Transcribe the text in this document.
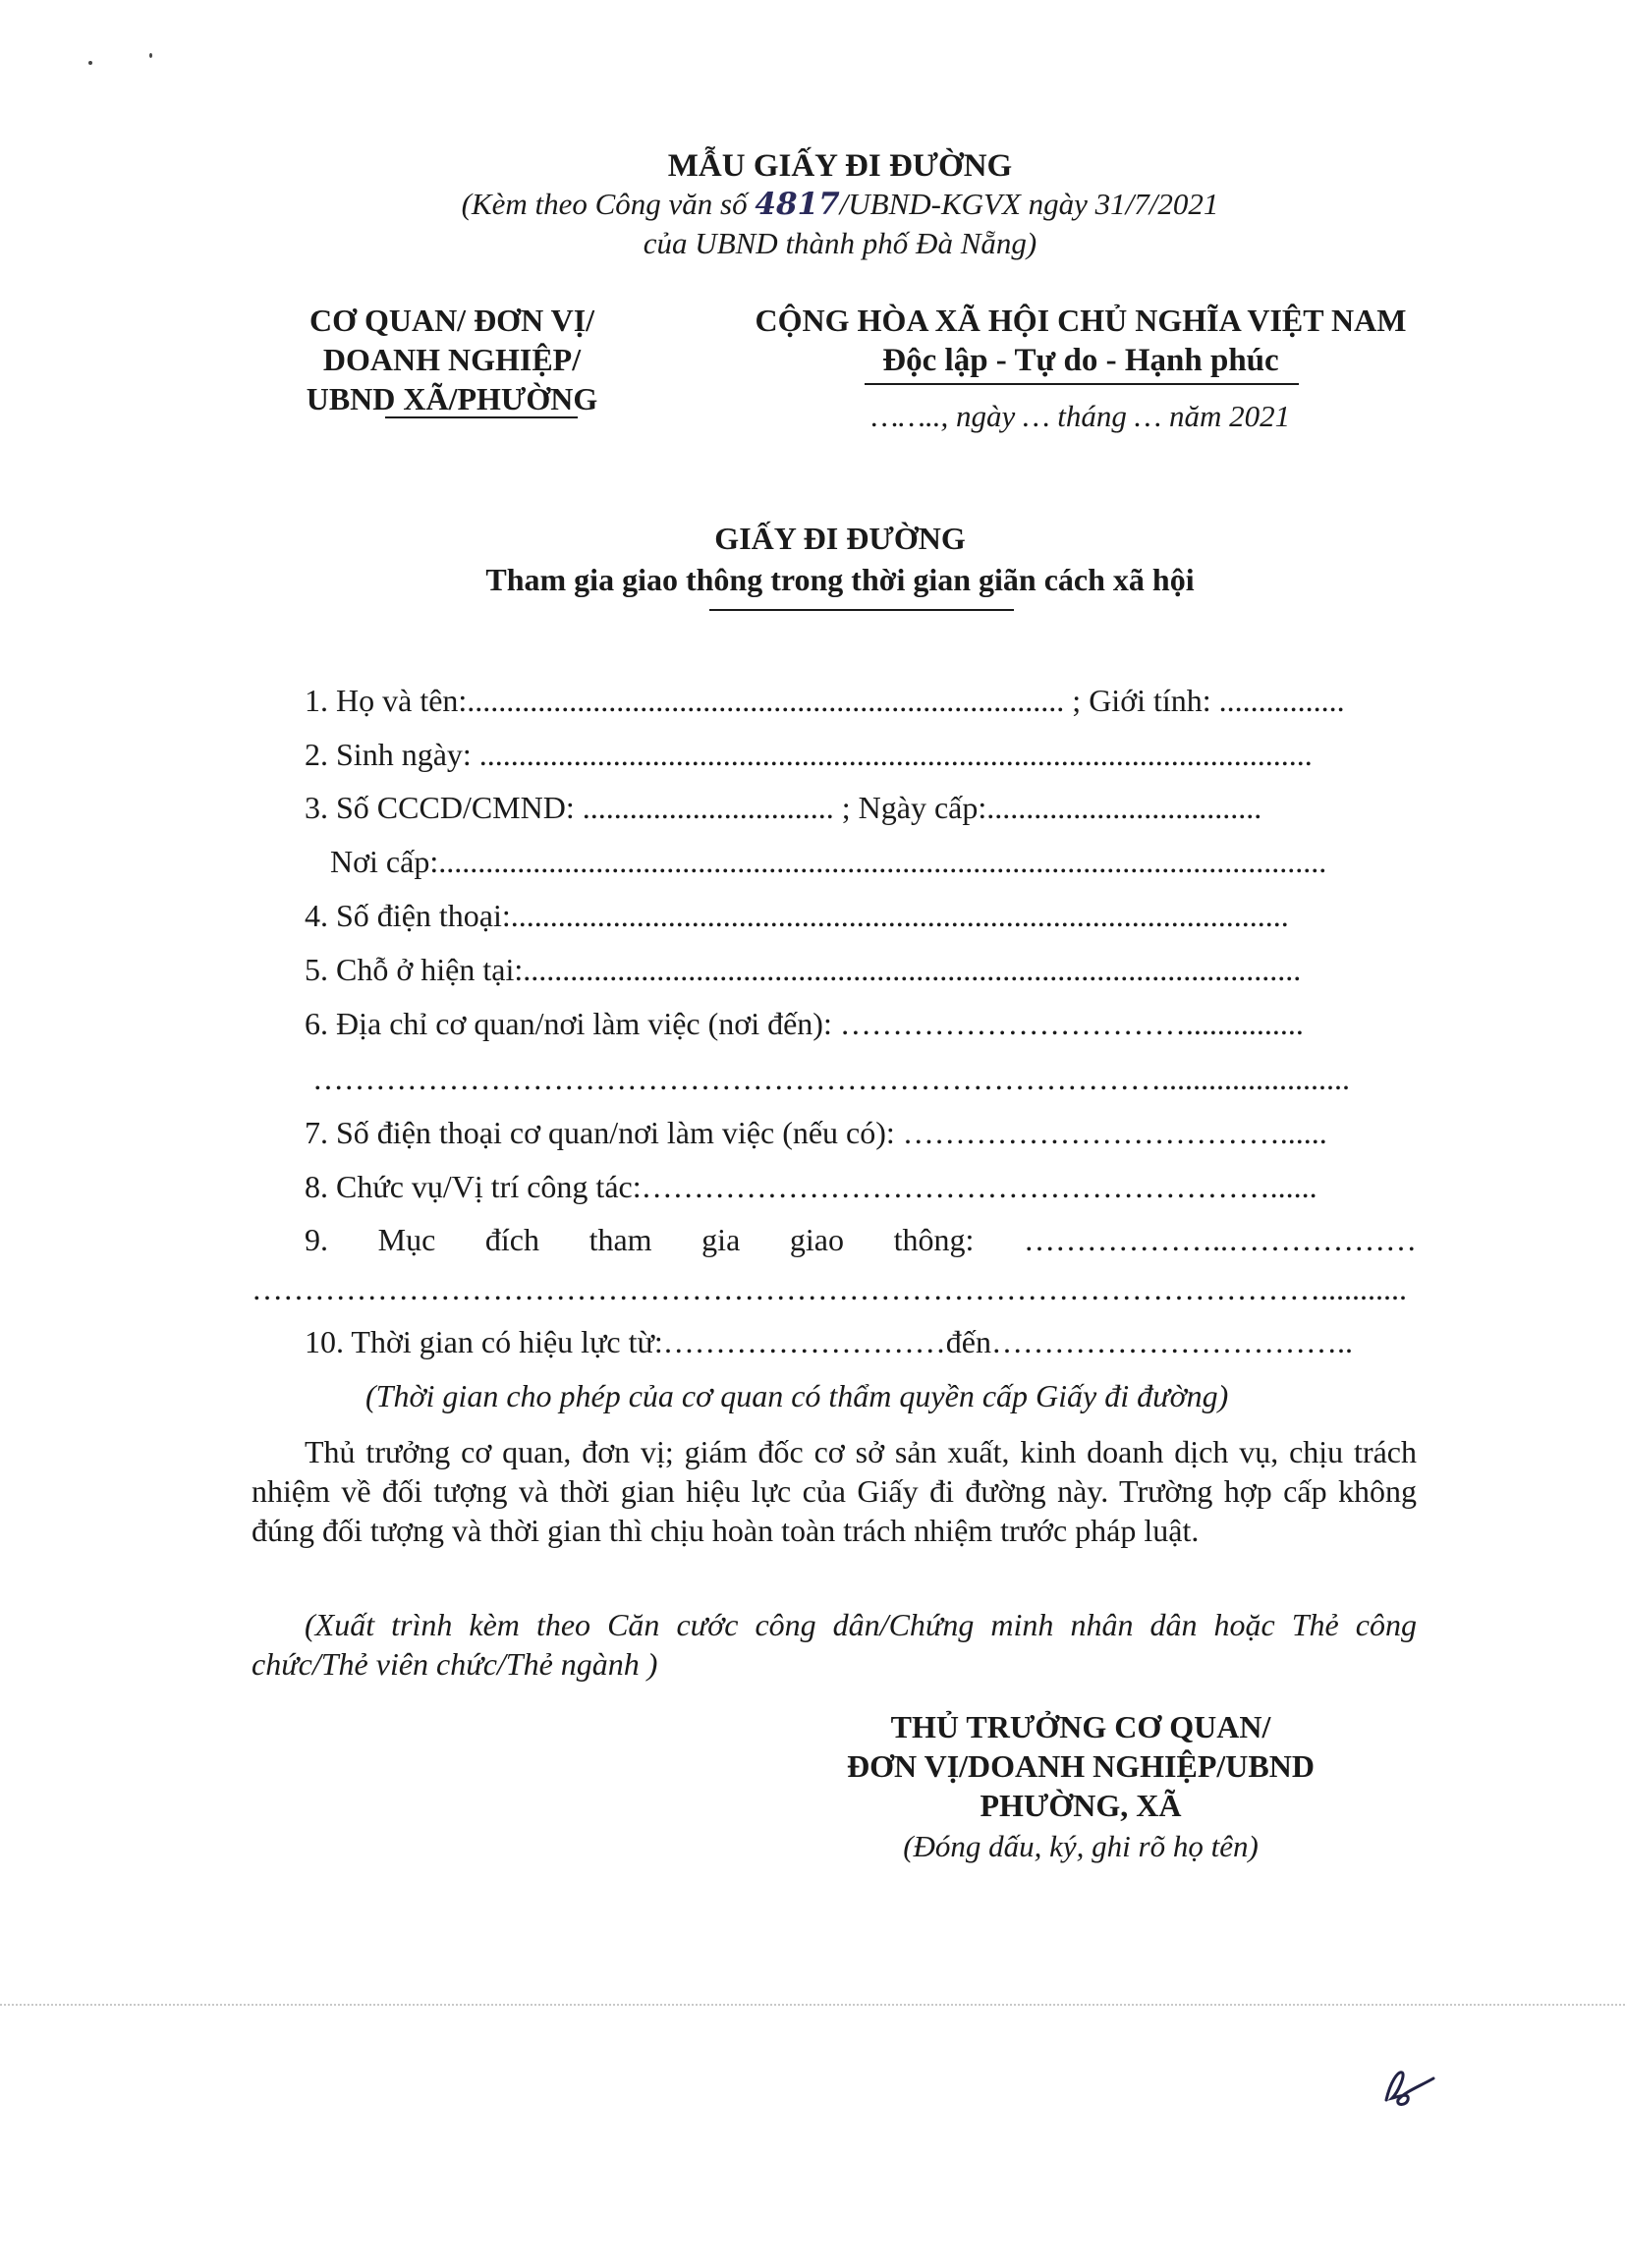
MẪU GIẤY ĐI ĐƯỜNG
(Kèm theo Công văn số 4817/UBND-KGVX ngày 31/7/2021
của UBND thành phố Đà Nẵng)
CƠ QUAN/ ĐƠN VỊ/
DOANH NGHIỆP/
UBND XÃ/PHƯỜNG
CỘNG HÒA XÃ HỘI CHỦ NGHĨA VIỆT NAM
Độc lập - Tự do - Hạnh phúc
…….., ngày … tháng … năm 2021
GIẤY ĐI ĐƯỜNG
Tham gia giao thông trong thời gian giãn cách xã hội
1. Họ và tên:............................................................................ ; Giới tính: ................
2. Sinh ngày: ..........................................................................................................
3. Số CCCD/CMND: ................................ ; Ngày cấp:...................................
Nơi cấp:.................................................................................................................
4. Số điện thoại:...................................................................................................
5. Chỗ ở hiện tại:...................................................................................................
6. Địa chỉ cơ quan/nơi làm việc (nơi đến): ……………………………...............
………………………………………………………………………........................
7. Số điện thoại cơ quan/nơi làm việc (nếu có): ………………………………......
8. Chức vụ/Vị trí công tác:……………………………………………………......
9. Mục đích tham gia giao thông: ………………..………………
…………………………………………………………………………………………...........
10. Thời gian có hiệu lực từ:………………………đến……………………………..
(Thời gian cho phép của cơ quan có thẩm quyền cấp Giấy đi đường)
Thủ trưởng cơ quan, đơn vị; giám đốc cơ sở sản xuất, kinh doanh dịch vụ, chịu trách nhiệm về đối tượng và thời gian hiệu lực của Giấy đi đường này. Trường hợp cấp không đúng đối tượng và thời gian thì chịu hoàn toàn trách nhiệm trước pháp luật.
(Xuất trình kèm theo Căn cước công dân/Chứng minh nhân dân hoặc Thẻ công chức/Thẻ viên chức/Thẻ ngành )
THỦ TRƯỞNG CƠ QUAN/
ĐƠN VỊ/DOANH NGHIỆP/UBND
PHƯỜNG, XÃ
(Đóng dấu, ký, ghi rõ họ tên)
